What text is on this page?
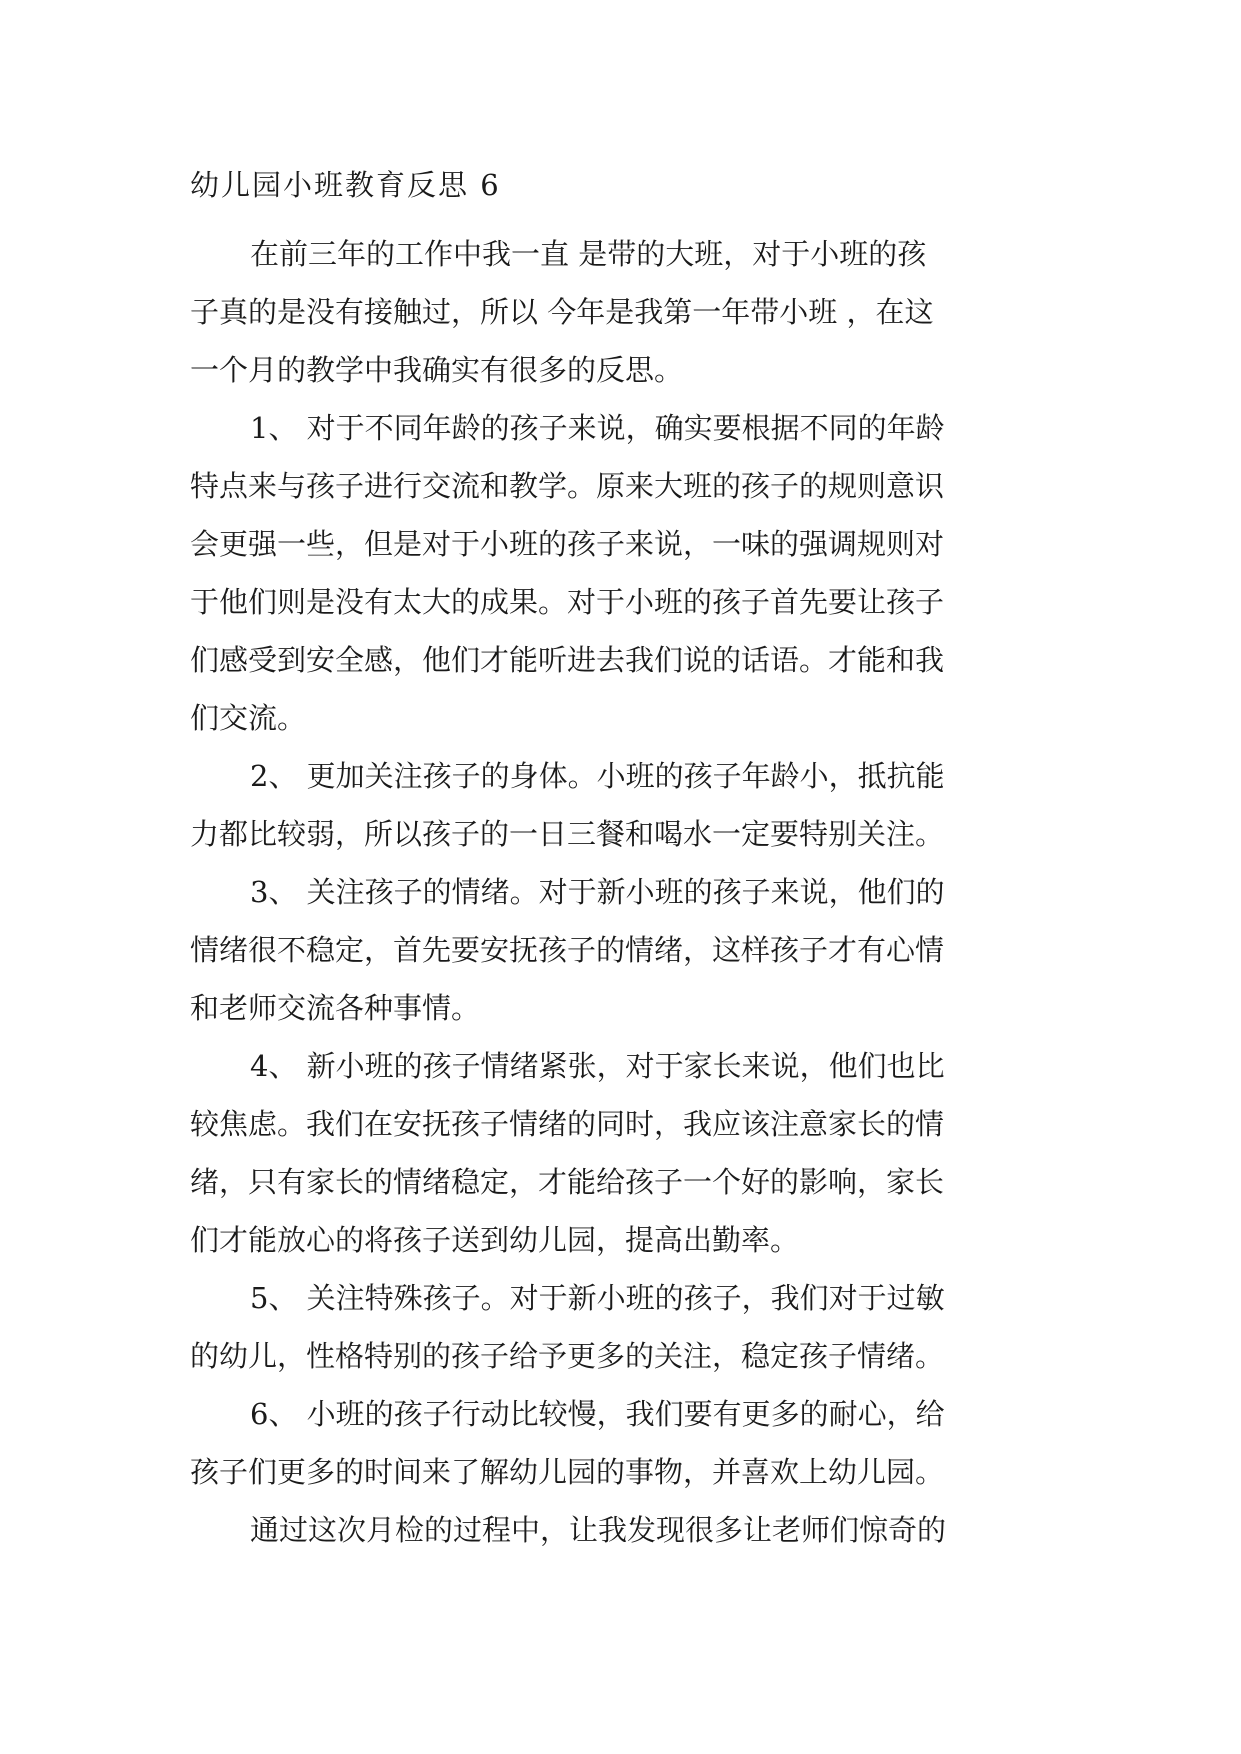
幼儿园小班教育反思 6
在前三年的工作中我一直 是带的大班，对于小班的孩
子真的是没有接触过，所以 今年是我第一年带小班 ，在这
一个月的教学中我确实有很多的反思。
1、 对于不同年龄的孩子来说，确实要根据不同的年龄
特点来与孩子进行交流和教学。原来大班的孩子的规则意识
会更强一些，但是对于小班的孩子来说，一味的强调规则对
于他们则是没有太大的成果。对于小班的孩子首先要让孩子
们感受到安全感，他们才能听进去我们说的话语。才能和我
们交流。
2、 更加关注孩子的身体。小班的孩子年龄小，抵抗能
力都比较弱，所以孩子的一日三餐和喝水一定要特别关注。
3、 关注孩子的情绪。对于新小班的孩子来说，他们的
情绪很不稳定，首先要安抚孩子的情绪，这样孩子才有心情
和老师交流各种事情。
4、 新小班的孩子情绪紧张，对于家长来说，他们也比
较焦虑。我们在安抚孩子情绪的同时，我应该注意家长的情
绪，只有家长的情绪稳定，才能给孩子一个好的影响，家长
们才能放心的将孩子送到幼儿园，提高出勤率。
5、 关注特殊孩子。对于新小班的孩子，我们对于过敏
的幼儿，性格特别的孩子给予更多的关注，稳定孩子情绪。
6、 小班的孩子行动比较慢，我们要有更多的耐心，给
孩子们更多的时间来了解幼儿园的事物，并喜欢上幼儿园。
通过这次月检的过程中，让我发现很多让老师们惊奇的
